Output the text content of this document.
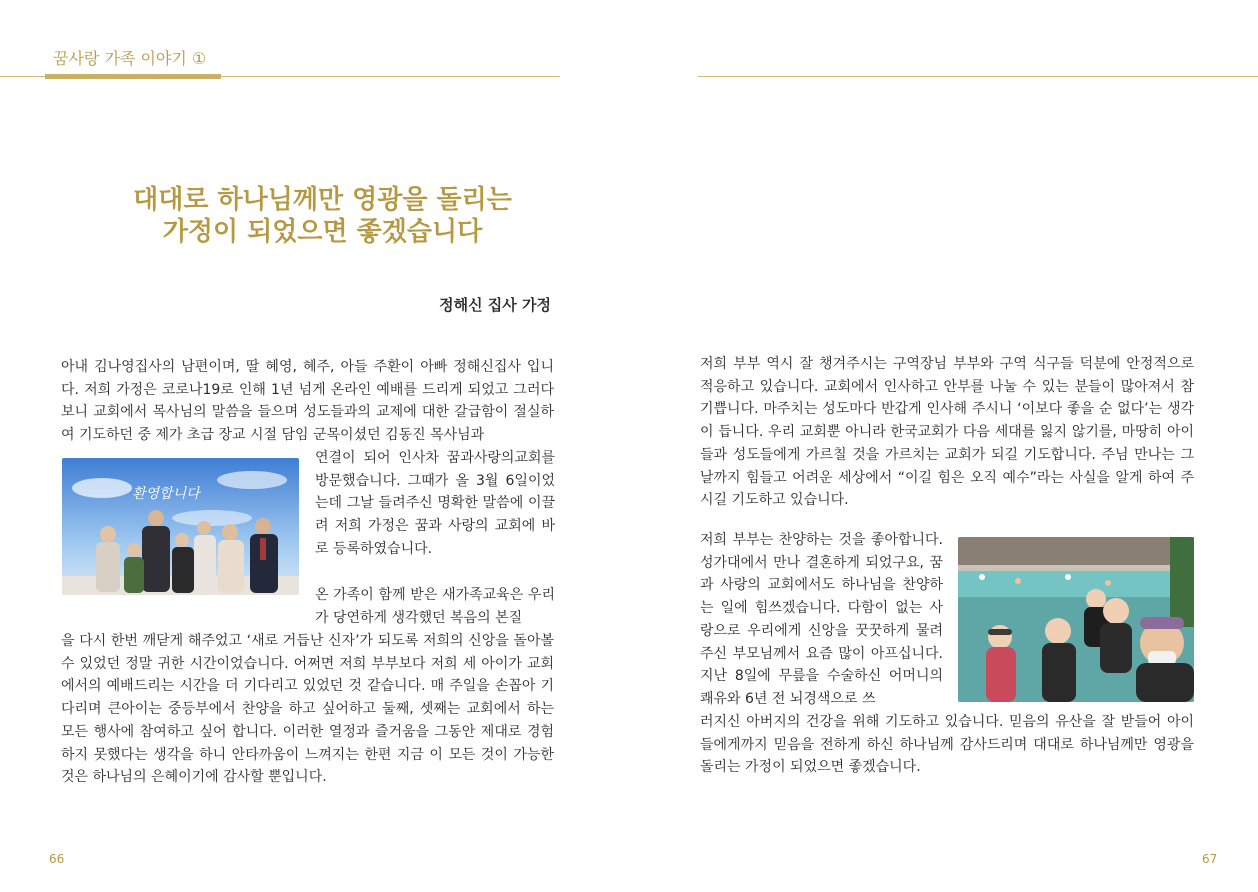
꿈사랑 가족 이야기 ①
대대로 하나님께만 영광을 돌리는
가정이 되었으면 좋겠습니다
정해신 집사 가정

아내 김나영집사의 남편이며, 딸 혜영, 혜주, 아들 주환이 아빠 정해신집사 입니다. 저희 가정은 코로나19로 인해 1년 넘게 온라인 예배를 드리게 되었고 그러다 보니 교회에서 목사님의 말씀을 들으며 성도들과의 교제에 대한 갈급함이 절실하여 기도하던 중 제가 초급 장교 시절 담임 군목이셨던 김동진 목사님과

환영합니다

연결이 되어 인사차 꿈과사랑의교회를 방문했습니다. 그때가 올 3월 6일이었는데 그날 들려주신 명확한 말씀에 이끌려 저희 가정은 꿈과 사랑의 교회에 바로 등록하였습니다.

온 가족이 함께 받은 새가족교육은 우리가 당연하게 생각했던 복음의 본질

을 다시 한번 깨닫게 해주었고 ‘새로 거듭난 신자’가 되도록 저희의 신앙을 돌아볼 수 있었던 정말 귀한 시간이었습니다. 어쩌면 저희 부부보다 저희 세 아이가 교회에서의 예배드리는 시간을 더 기다리고 있었던 것 같습니다. 매 주일을 손꼽아 기다리며 큰아이는 중등부에서 찬양을 하고 싶어하고 둘째, 셋째는 교회에서 하는 모든 행사에 참여하고 싶어 합니다. 이러한 열정과 즐거움을 그동안 제대로 경험하지 못했다는 생각을 하니 안타까움이 느껴지는 한편 지금 이 모든 것이 가능한 것은 하나님의 은혜이기에 감사할 뿐입니다.

저희 부부 역시 잘 챙겨주시는 구역장님 부부와 구역 식구들 덕분에 안정적으로 적응하고 있습니다. 교회에서 인사하고 안부를 나눌 수 있는 분들이 많아져서 참 기쁩니다. 마주치는 성도마다 반갑게 인사해 주시니 ‘이보다 좋을 순 없다’는 생각이 듭니다. 우리 교회뿐 아니라 한국교회가 다음 세대를 잃지 않기를, 마땅히 아이들과 성도들에게 가르칠 것을 가르치는 교회가 되길 기도합니다. 주님 만나는 그날까지 힘들고 어려운 세상에서 “이길 힘은 오직 예수”라는 사실을 알게 하여 주시길 기도하고 있습니다.

저희 부부는 찬양하는 것을 좋아합니다. 성가대에서 만나 결혼하게 되었구요, 꿈과 사랑의 교회에서도 하나님을 찬양하는 일에 힘쓰겠습니다. 다함이 없는 사랑으로 우리에게 신앙을 꿋꿋하게 물려주신 부모님께서 요즘 많이 아프십니다. 지난 8일에 무릎을 수술하신 어머니의 쾌유와 6년 전 뇌경색으로 쓰

러지신 아버지의 건강을 위해 기도하고 있습니다. 믿음의 유산을 잘 받들어 아이들에게까지 믿음을 전하게 하신 하나님께 감사드리며 대대로 하나님께만 영광을 돌리는 가정이 되었으면 좋겠습니다.

66	67
